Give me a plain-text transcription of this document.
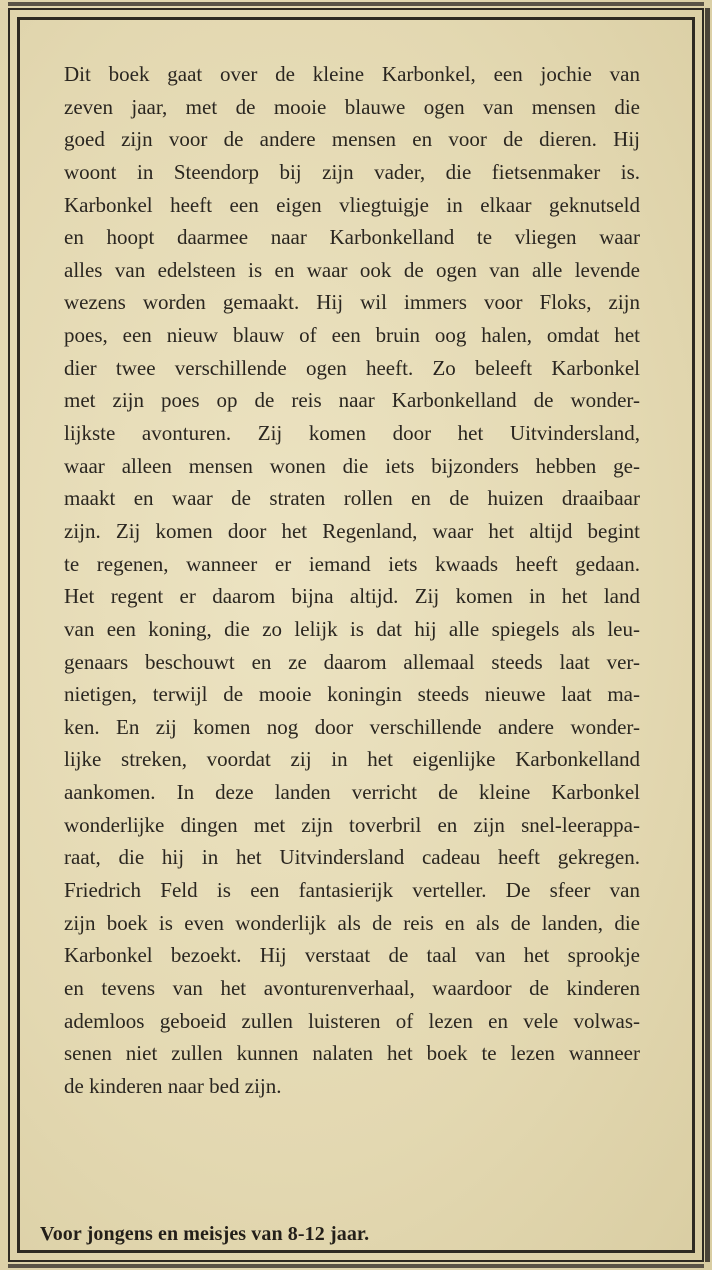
Dit boek gaat over de kleine Karbonkel, een jochie van
zeven jaar, met de mooie blauwe ogen van mensen die
goed zijn voor de andere mensen en voor de dieren. Hij
woont in Steendorp bij zijn vader, die fietsenmaker is.
Karbonkel heeft een eigen vliegtuigje in elkaar geknutseld
en hoopt daarmee naar Karbonkelland te vliegen waar
alles van edelsteen is en waar ook de ogen van alle levende
wezens worden gemaakt. Hij wil immers voor Floks, zijn
poes, een nieuw blauw of een bruin oog halen, omdat het
dier twee verschillende ogen heeft. Zo beleeft Karbonkel
met zijn poes op de reis naar Karbonkelland de wonder-
lijkste avonturen. Zij komen door het Uitvindersland,
waar alleen mensen wonen die iets bijzonders hebben ge-
maakt en waar de straten rollen en de huizen draaibaar
zijn. Zij komen door het Regenland, waar het altijd begint
te regenen, wanneer er iemand iets kwaads heeft gedaan.
Het regent er daarom bijna altijd. Zij komen in het land
van een koning, die zo lelijk is dat hij alle spiegels als leu-
genaars beschouwt en ze daarom allemaal steeds laat ver-
nietigen, terwijl de mooie koningin steeds nieuwe laat ma-
ken. En zij komen nog door verschillende andere wonder-
lijke streken, voordat zij in het eigenlijke Karbonkelland
aankomen. In deze landen verricht de kleine Karbonkel
wonderlijke dingen met zijn toverbril en zijn snel-leerappa-
raat, die hij in het Uitvindersland cadeau heeft gekregen.
Friedrich Feld is een fantasierijk verteller. De sfeer van
zijn boek is even wonderlijk als de reis en als de landen, die
Karbonkel bezoekt. Hij verstaat de taal van het sprookje
en tevens van het avonturenverhaal, waardoor de kinderen
ademloos geboeid zullen luisteren of lezen en vele volwas-
senen niet zullen kunnen nalaten het boek te lezen wanneer
de kinderen naar bed zijn.
Voor jongens en meisjes van 8-12 jaar.
